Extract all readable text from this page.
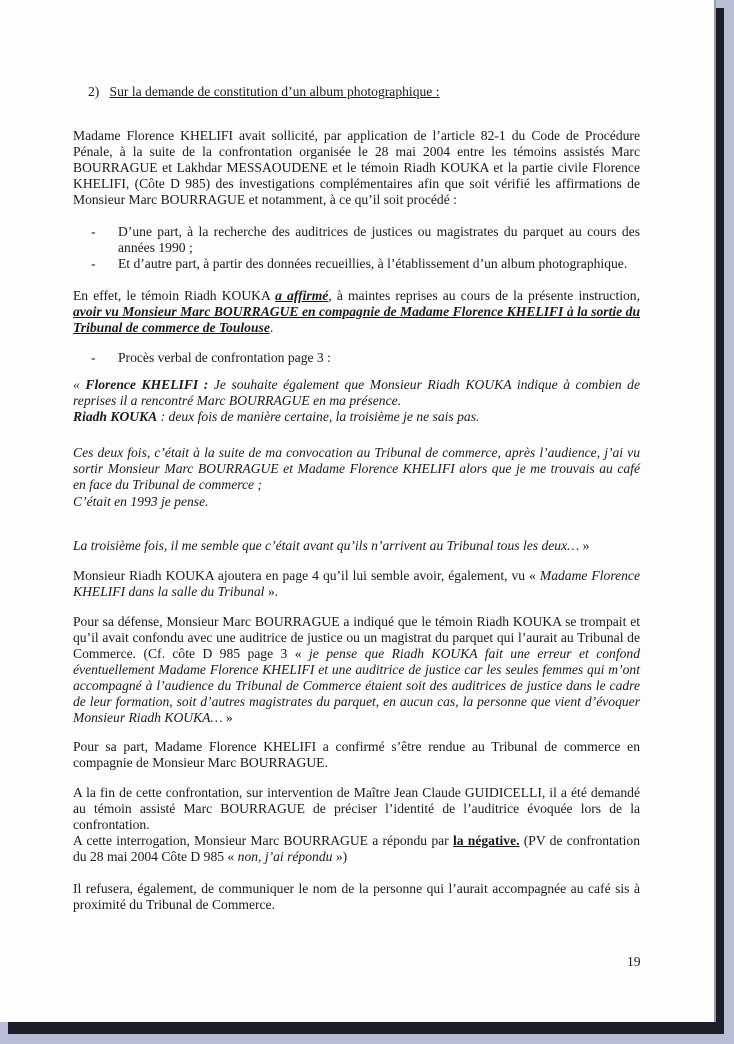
2) Sur la demande de constitution d’un album photographique :
Madame Florence KHELIFI avait sollicité, par application de l’article 82-1 du Code de Procédure Pénale, à la suite de la confrontation organisée le 28 mai 2004 entre les témoins assistés Marc BOURRAGUE et Lakhdar MESSAOUDENE et le témoin Riadh KOUKA et la partie civile Florence KHELIFI, (Côte D 985) des investigations complémentaires afin que soit vérifié les affirmations de Monsieur Marc BOURRAGUE et notamment, à ce qu’il soit procédé :
- D’une part, à la recherche des auditrices de justices ou magistrates du parquet au cours des années 1990 ;
- Et d’autre part, à partir des données recueillies, à l’établissement d’un album photographique.
En effet, le témoin Riadh KOUKA a affirmé, à maintes reprises au cours de la présente instruction, avoir vu Monsieur Marc BOURRAGUE en compagnie de Madame Florence KHELIFI à la sortie du Tribunal de commerce de Toulouse.
- Procès verbal de confrontation page 3 :
« Florence KHELIFI : Je souhaite également que Monsieur Riadh KOUKA indique à combien de reprises il a rencontré Marc BOURRAGUE en ma présence.
Riadh KOUKA : deux fois de manière certaine, la troisième je ne sais pas.
Ces deux fois, c’était à la suite de ma convocation au Tribunal de commerce, après l’audience, j’ai vu sortir Monsieur Marc BOURRAGUE et Madame Florence KHELIFI alors que je me trouvais au café en face du Tribunal de commerce ;
C’était en 1993 je pense.
La troisième fois, il me semble que c’était avant qu’ils n’arrivent au Tribunal tous les deux… »
Monsieur Riadh KOUKA ajoutera en page 4 qu’il lui semble avoir, également, vu « Madame Florence KHELIFI dans la salle du Tribunal ».
Pour sa défense, Monsieur Marc BOURRAGUE a indiqué que le témoin Riadh KOUKA se trompait et qu’il avait confondu avec une auditrice de justice ou un magistrat du parquet qui l’aurait au Tribunal de Commerce. (Cf. côte D 985 page 3 « je pense que Riadh KOUKA fait une erreur et confond éventuellement Madame Florence KHELIFI et une auditrice de justice car les seules femmes qui m’ont accompagné à l’audience du Tribunal de Commerce étaient soit des auditrices de justice dans le cadre de leur formation, soit d’autres magistrates du parquet, en aucun cas, la personne que vient d’évoquer Monsieur Riadh KOUKA… »
Pour sa part, Madame Florence KHELIFI a confirmé s’être rendue au Tribunal de commerce en compagnie de Monsieur Marc BOURRAGUE.
A la fin de cette confrontation, sur intervention de Maître Jean Claude GUIDICELLI, il a été demandé au témoin assisté Marc BOURRAGUE de préciser l’identité de l’auditrice évoquée lors de la confrontation.
A cette interrogation, Monsieur Marc BOURRAGUE a répondu par la négative. (PV de confrontation du 28 mai 2004 Côte D 985 « non, j’ai répondu »)
Il refusera, également, de communiquer le nom de la personne qui l’aurait accompagnée au café sis à proximité du Tribunal de Commerce.
19
